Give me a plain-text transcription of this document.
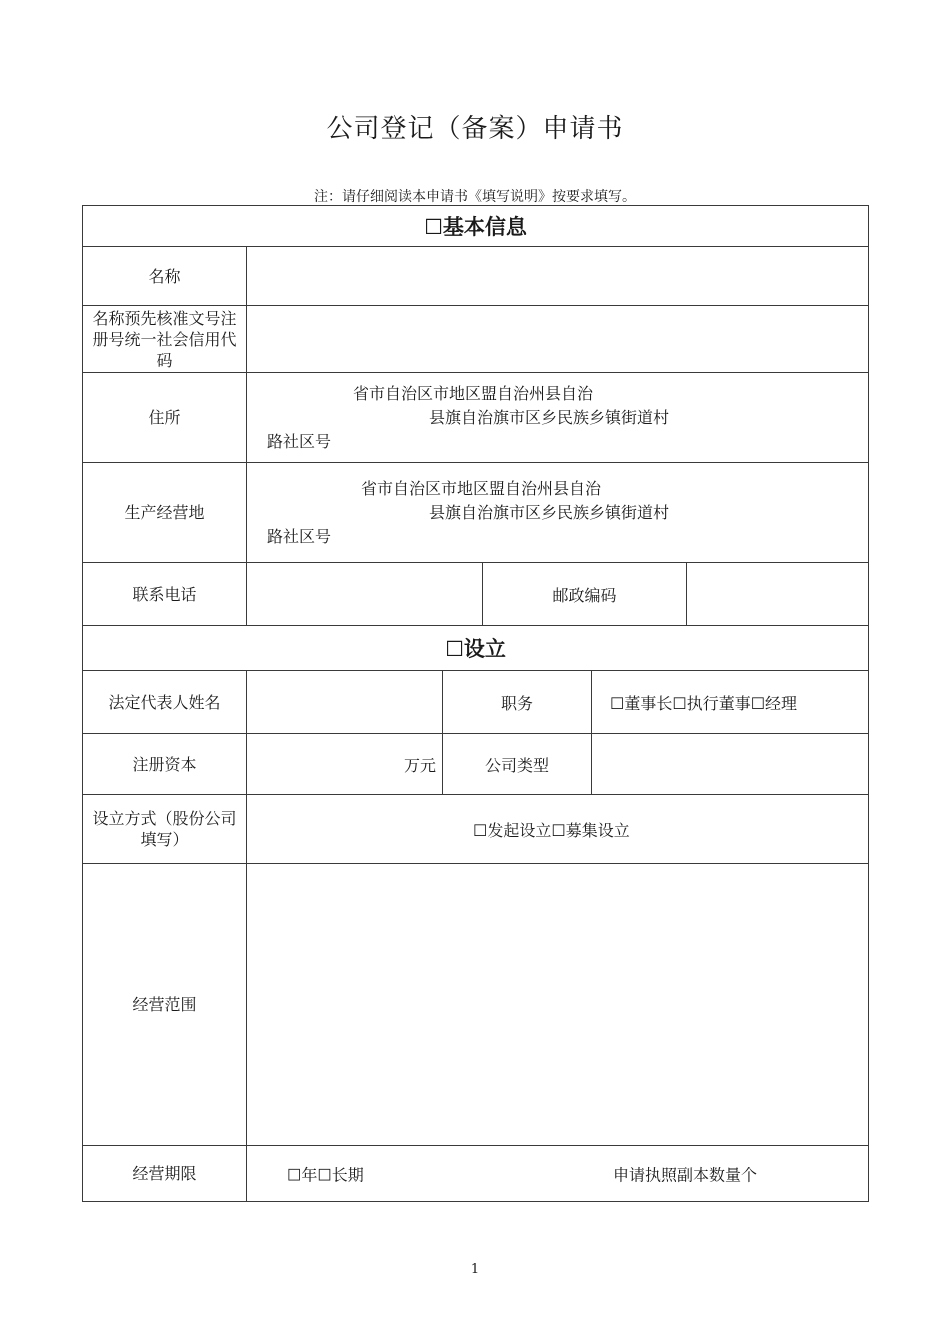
公司登记（备案）申请书
注：请仔细阅读本申请书《填写说明》按要求填写。
☐基本信息					
名称					
名称预先核准文号注册号统一社会信用代码					
住所	省市自治区市地区盟自治州县自治
县旗自治旗市区乡民族乡镇街道村
路社区号				

生产经营地	省市自治区市地区盟自治州县自治
县旗自治旗市区乡民族乡镇街道村
路社区号				

联系电话			邮政编码		
☐设立					
法定代表人姓名		职务		☐董事长☐执行董事☐经理	
注册资本	万元	公司类型			
设立方式（股份公司填写）	☐发起设立☐募集设立				
经营范围					
经营期限	☐年☐长期 申请执照副本数量个				
1
